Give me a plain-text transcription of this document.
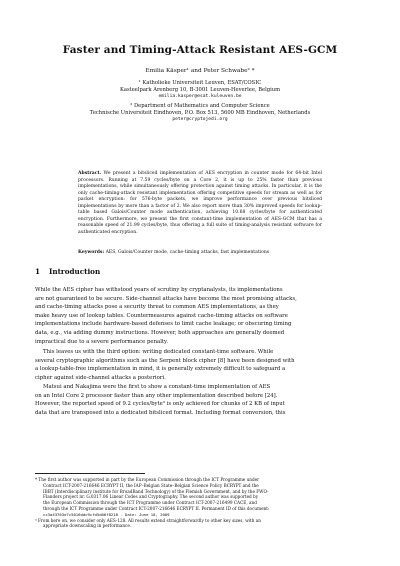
Faster and Timing-Attack Resistant AES-GCM
Emilia Käsper¹ and Peter Schwabe² *
¹ Katholieke Universiteit Leuven, ESAT/COSIC
Kasteelpark Arenberg 10, B-3001 Leuven-Heverlee, Belgium
emilia.kasper@esat.kuleuven.be
² Department of Mathematics and Computer Science
Technische Universiteit Eindhoven, P.O. Box 513, 5600 MB Eindhoven, Netherlands
peter@cryptojedi.org
Abstract. We present a bitsliced implementation of AES encryption in counter mode for 64-bit Intel processors. Running at 7.59 cycles/byte on a Core 2, it is up to 25% faster than previous implementations, while simultaneously offering protection against timing attacks. In particular, it is the only cache-timing-attack resistant implementation offering competitive speeds for stream as well as for packet encryption: for 576-byte packets, we improve performance over previous bitsliced implementations by more than a factor of 2. We also report more than 30% improved speeds for lookup-table based Galois/Counter mode authentication, achieving 10.68 cycles/byte for authenticated encryption. Furthermore, we present the first constant-time implementation of AES-GCM that has a reasonable speed of 21.99 cycles/byte, thus offering a full suite of timing-analysis resistant software for authenticated encryption.
Keywords: AES, Galois/Counter mode, cache-timing attacks, fast implementations
1 Introduction
While the AES cipher has withstood years of scrutiny by cryptanalysts, its implementations
are not guaranteed to be secure. Side-channel attacks have become the most promising attacks,
and cache-timing attacks pose a security threat to common AES implementations, as they
make heavy use of lookup tables. Countermeasures against cache-timing attacks on software
implementations include hardware-based defenses to limit cache leakage; or obscuring timing
data, e.g., via adding dummy instructions. However, both approaches are generally deemed
impractical due to a severe performance penalty.
This leaves us with the third option: writing dedicated constant-time software. While
several cryptographic algorithms such as the Serpent block cipher [8] have been designed with
a lookup-table-free implementation in mind, it is generally extremely difficult to safeguard a
cipher against side-channel attacks a posteriori.
Matsui and Nakajima were the first to show a constant-time implementation of AES
on an Intel Core 2 processor faster than any other implementation described before [24].
However, the reported speed of 9.2 cycles/byte³ is only achieved for chunks of 2 KB of input
data that are transposed into a dedicated bitsliced format. Including format conversion, this
* The first author was supported in part by the European Commission through the ICT Programme under
Contract ICT-2007-216646 ECRYPT II, the IAP–Belgian State–Belgian Science Policy BCRYPT and the
IBBT (Interdisciplinary institute for BroadBand Technology) of the Flemish Government, and by the FWO-
Flanders project nr. G.0317.06 Linear Codes and Cryptography. The second author was supported by
the European Commission through the ICT Programme under Contract ICT-2007-216499 CACE, and
through the ICT Programme under Contract ICT-2007-216646 ECRYPT II. Permanent ID of this document:
cc3a43763e7c5016ddc9cfd5d06f8218 . Date: June 18, 2009
³ From here on, we consider only AES-128. All results extend straightforwardly to other key sizes, with an
appropriate downscaling in performance.
